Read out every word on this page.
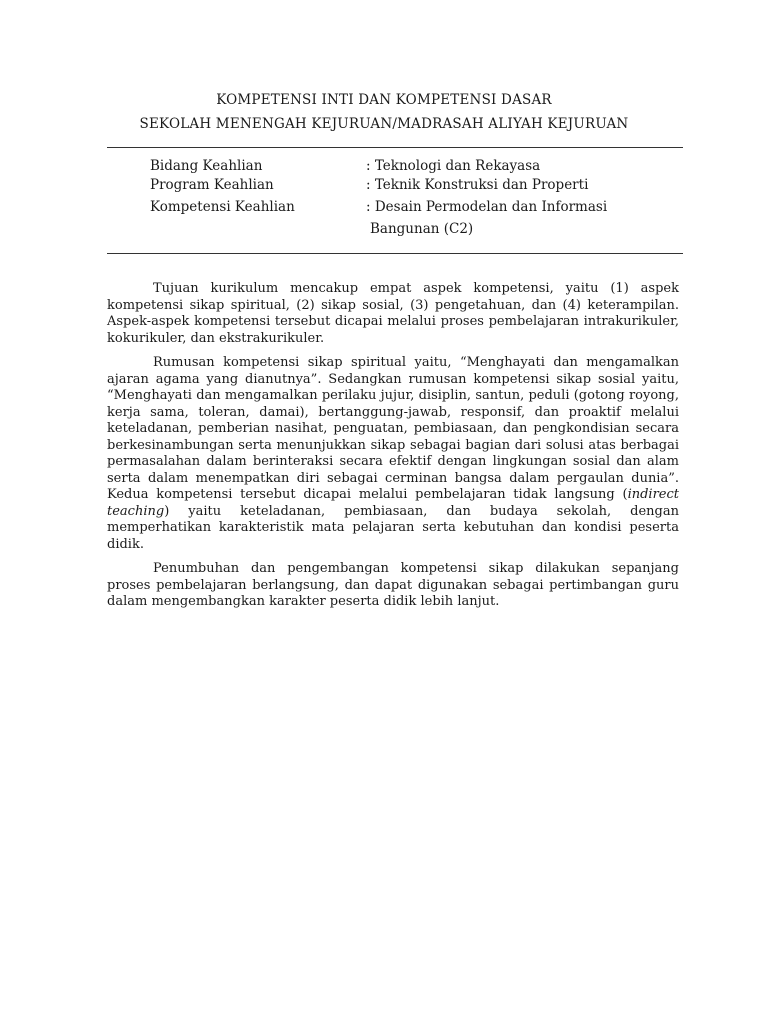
KOMPETENSI INTI DAN KOMPETENSI DASAR
SEKOLAH MENENGAH KEJURUAN/MADRASAH ALIYAH KEJURUAN
Bidang Keahlian	: Teknologi dan Rekayasa
Program Keahlian	: Teknik Konstruksi dan Properti
Kompetensi Keahlian	: Desain Permodelan dan Informasi
Bangunan (C2)

Tujuan kurikulum mencakup empat aspek kompetensi, yaitu (1) aspek kompetensi sikap spiritual, (2) sikap sosial, (3) pengetahuan, dan (4) keterampilan. Aspek-aspek kompetensi tersebut dicapai melalui proses pembelajaran intrakurikuler, kokurikuler, dan ekstrakurikuler.

Rumusan kompetensi sikap spiritual yaitu, “Menghayati dan mengamalkan ajaran agama yang dianutnya”. Sedangkan rumusan kompetensi sikap sosial yaitu, “Menghayati dan mengamalkan perilaku jujur, disiplin, santun, peduli (gotong royong, kerja sama, toleran, damai), bertanggung-jawab, responsif, dan proaktif melalui keteladanan, pemberian nasihat, penguatan, pembiasaan, dan pengkondisian secara berkesinambungan serta menunjukkan sikap sebagai bagian dari solusi atas berbagai permasalahan dalam berinteraksi secara efektif dengan lingkungan sosial dan alam serta dalam menempatkan diri sebagai cerminan bangsa dalam pergaulan dunia”. Kedua kompetensi tersebut dicapai melalui pembelajaran tidak langsung (indirect teaching) yaitu keteladanan, pembiasaan, dan budaya sekolah, dengan memperhatikan karakteristik mata pelajaran serta kebutuhan dan kondisi peserta didik.

Penumbuhan dan pengembangan kompetensi sikap dilakukan sepanjang proses pembelajaran berlangsung, dan dapat digunakan sebagai pertimbangan guru dalam mengembangkan karakter peserta didik lebih lanjut.
